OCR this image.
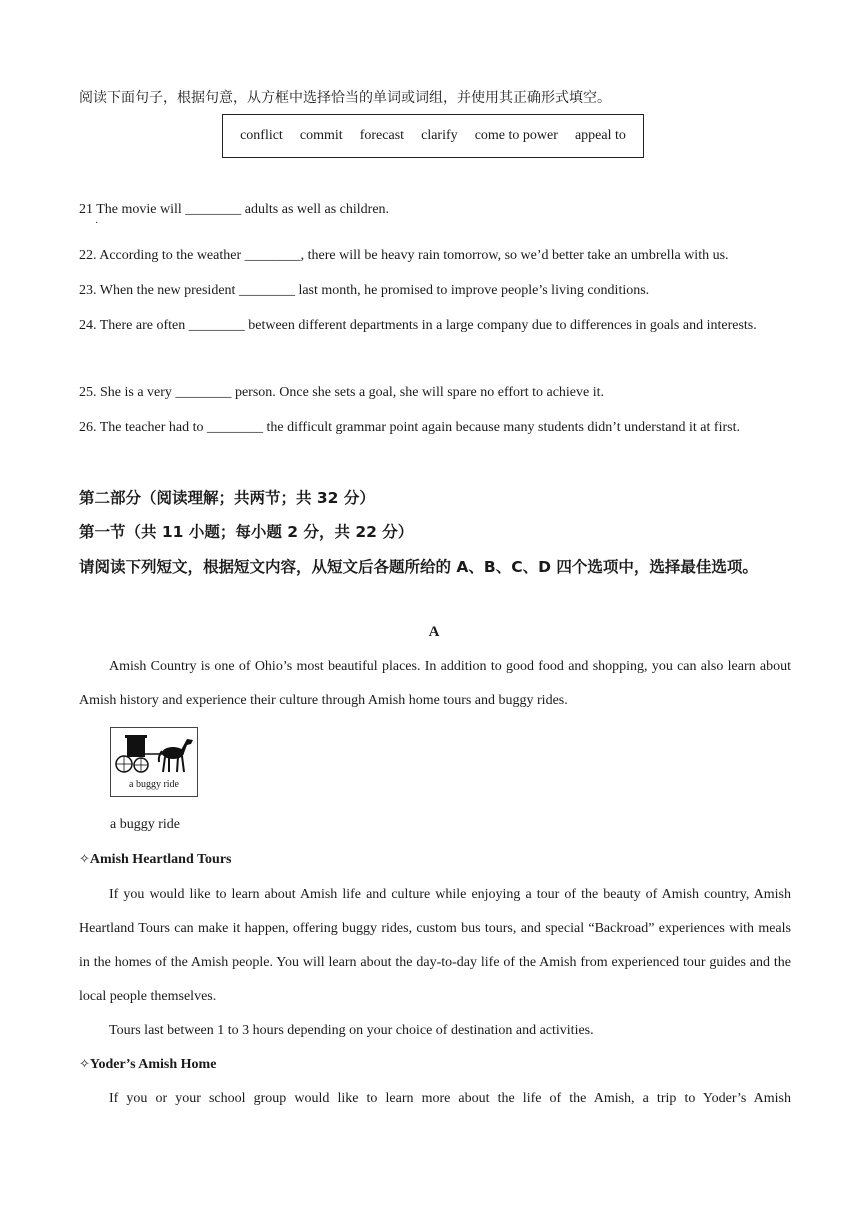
阅读下面句子，根据句意，从方框中选择恰当的单词或词组，并使用其正确形式填空。
conflict commit forecast clarify come to power appeal to
21 The movie will ________ adults as well as children.
·
22. According to the weather ________, there will be heavy rain tomorrow, so we’d better take an umbrella with us.
23. When the new president ________ last month, he promised to improve people’s living conditions.
24. There are often ________ between different departments in a large company due to differences in goals and interests.
25. She is a very ________ person. Once she sets a goal, she will spare no effort to achieve it.
26. The teacher had to ________ the difficult grammar point again because many students didn’t understand it at first.
第二部分（阅读理解；共两节；共 32 分）
第一节（共 11 小题；每小题 2 分，共 22 分）
请阅读下列短文，根据短文内容，从短文后各题所给的 A、B、C、D 四个选项中，选择最佳选项。
A
Amish Country is one of Ohio’s most beautiful places. In addition to good food and shopping, you can also learn about Amish history and experience their culture through Amish home tours and buggy rides.
a buggy ride
a buggy ride
✧Amish Heartland Tours
If you would like to learn about Amish life and culture while enjoying a tour of the beauty of Amish country, Amish Heartland Tours can make it happen, offering buggy rides, custom bus tours, and special “Backroad” experiences with meals in the homes of the Amish people. You will learn about the day-to-day life of the Amish from experienced tour guides and the local people themselves.
Tours last between 1 to 3 hours depending on your choice of destination and activities.
✧Yoder’s Amish Home
If you or your school group would like to learn more about the life of the Amish, a trip to Yoder’s Amish
